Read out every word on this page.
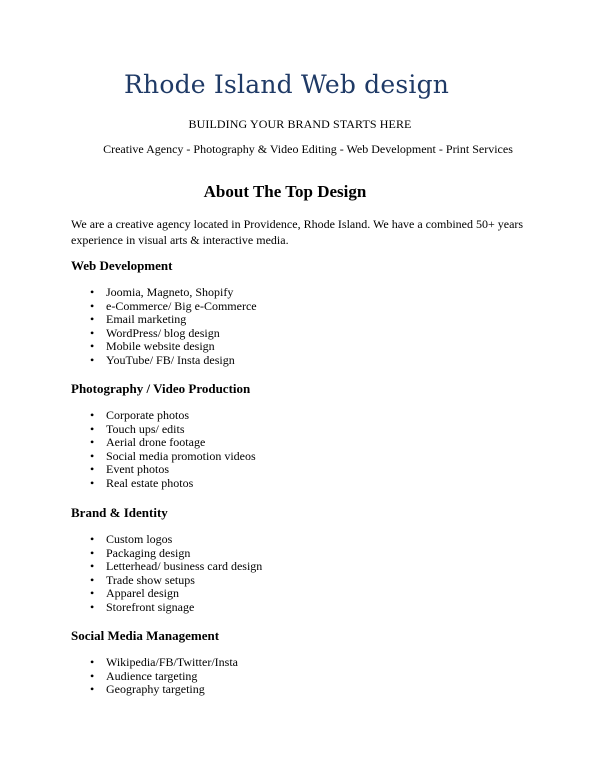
Rhode Island Web design
BUILDING YOUR BRAND STARTS HERE
Creative Agency - Photography & Video Editing - Web Development - Print Services
About The Top Design
We are a creative agency located in Providence, Rhode Island. We have a combined 50+ years experience in visual arts & interactive media.
Web Development
• Joomia, Magneto, Shopify
• e-Commerce/ Big e-Commerce
• Email marketing
• WordPress/ blog design
• Mobile website design
• YouTube/ FB/ Insta design
Photography / Video Production
• Corporate photos
• Touch ups/ edits
• Aerial drone footage
• Social media promotion videos
• Event photos
• Real estate photos
Brand & Identity
• Custom logos
• Packaging design
• Letterhead/ business card design
• Trade show setups
• Apparel design
• Storefront signage
Social Media Management
• Wikipedia/FB/Twitter/Insta
• Audience targeting
• Geography targeting
